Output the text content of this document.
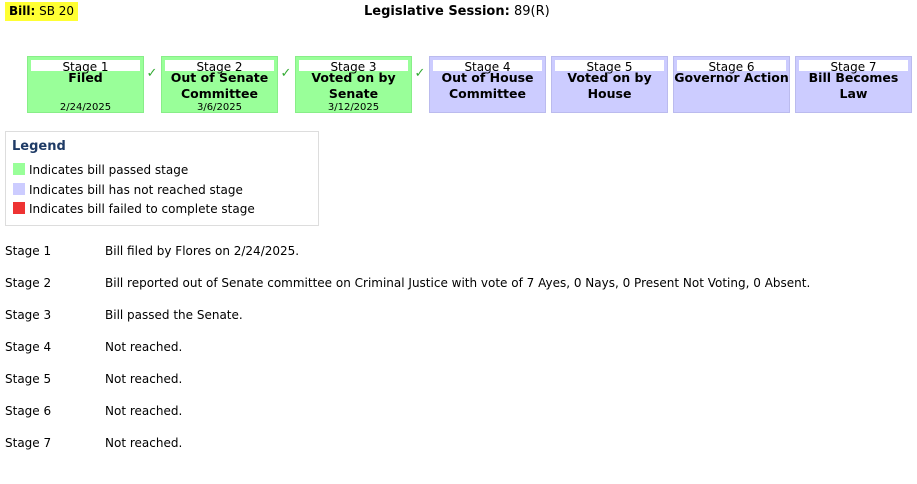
Bill: SB 20	Legislative Session: 89(R)
Stage 1
Filed
2/24/2025
✓	Stage 2
Out of Senate Committee
3/6/2025
✓	Stage 3
Voted on by Senate
3/12/2025
✓	Stage 4
Out of House Committee
Stage 5
Voted on by House
Stage 6
Governor Action
Stage 7
Bill Becomes Law
Legend
Indicates bill passed stage
Indicates bill has not reached stage
Indicates bill failed to complete stage
Stage 1	Bill filed by Flores on 2/24/2025.
Stage 2	Bill reported out of Senate committee on Criminal Justice with vote of 7 Ayes, 0 Nays, 0 Present Not Voting, 0 Absent.
Stage 3	Bill passed the Senate.
Stage 4	Not reached.
Stage 5	Not reached.
Stage 6	Not reached.
Stage 7	Not reached.
